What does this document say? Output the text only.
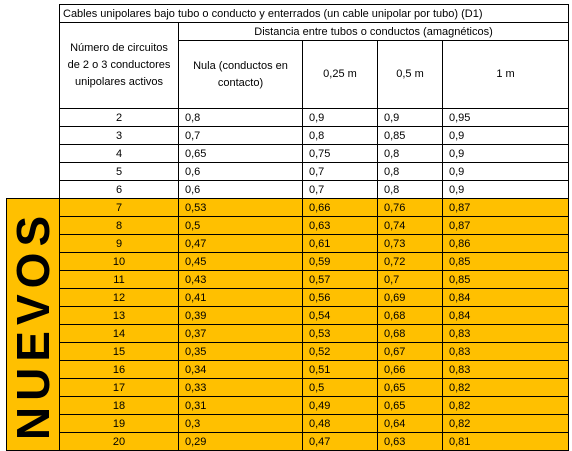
	Cables unipolares bajo tubo o conducto y enterrados (un cable unipolar por tubo) (D1)				
	Número de circuitos de 2 o 3 conductores unipolares activos	Distancia entre tubos o conductos (amagnéticos)			
		Nula (conductos en contacto)	0,25 m	0,5 m	1 m
	2	0,8	0,9	0,9	0,95
	3	0,7	0,8	0,85	0,9
	4	0,65	0,75	0,8	0,9
	5	0,6	0,7	0,8	0,9
	6	0,6	0,7	0,8	0,9

NUEVOS	7	0,53	0,66	0,76	0,87
	8	0,5	0,63	0,74	0,87
	9	0,47	0,61	0,73	0,86
	10	0,45	0,59	0,72	0,85
	11	0,43	0,57	0,7	0,85
	12	0,41	0,56	0,69	0,84
	13	0,39	0,54	0,68	0,84
	14	0,37	0,53	0,68	0,83
	15	0,35	0,52	0,67	0,83
	16	0,34	0,51	0,66	0,83
	17	0,33	0,5	0,65	0,82
	18	0,31	0,49	0,65	0,82
	19	0,3	0,48	0,64	0,82
	20	0,29	0,47	0,63	0,81
